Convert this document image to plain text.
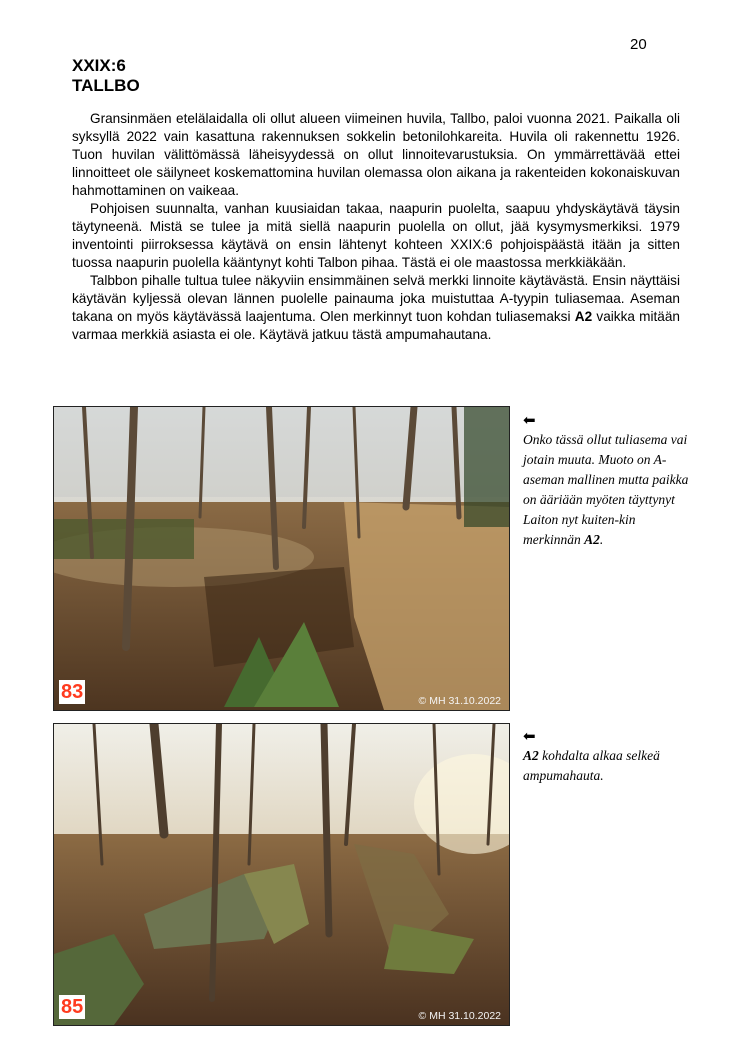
20
XXIX:6
TALLBO

Gransinmäen etelälaidalla oli ollut alueen viimeinen huvila, Tallbo, paloi vuonna 2021. Paikalla oli syksyllä 2022 vain kasattuna rakennuksen sokkelin betonilohkareita. Huvila oli rakennettu 1926. Tuon huvilan välittömässä läheisyydessä on ollut linnoitevarustuksia. On ymmärrettävää ettei linnoitteet ole säilyneet koskemattomina huvilan olemassa olon aikana ja rakenteiden kokonaiskuvan hahmottaminen on vaikeaa.

Pohjoisen suunnalta, vanhan kuusiaidan takaa, naapurin puolelta, saapuu yhdyskäytävä täysin täytyneenä. Mistä se tulee ja mitä siellä naapurin puolella on ollut, jää kysymysmerkiksi. 1979 inventointi piirroksessa käytävä on ensin lähtenyt kohteen XXIX:6 pohjoispäästä itään ja sitten tuossa naapurin puolella kääntynyt kohti Talbon pihaa. Tästä ei ole maastossa merkkiäkään.

Talbbon pihalle tultua tulee näkyviin ensimmäinen selvä merkki linnoite käytävästä. Ensin näyttäisi käytävän kyljessä olevan lännen puolelle painauma joka muistuttaa A-tyypin tuliasemaa. Aseman takana on myös käytävässä laajentuma. Olen merkinnyt tuon kohdan tuliasemaksi A2 vaikka mitään varmaa merkkiä asiasta ei ole. Käytävä jatkuu tästä ampumahautana.

83	© MH 31.10.2022
⬅
Onko tässä ollut tuliasema vai jotain muuta. Muoto on A-aseman mallinen mutta paikka on ääriään myöten täyttynyt Laiton nyt kuiten-kin merkinnän A2.
85	© MH 31.10.2022
⬅
A2 kohdalta alkaa selkeä ampumahauta.
